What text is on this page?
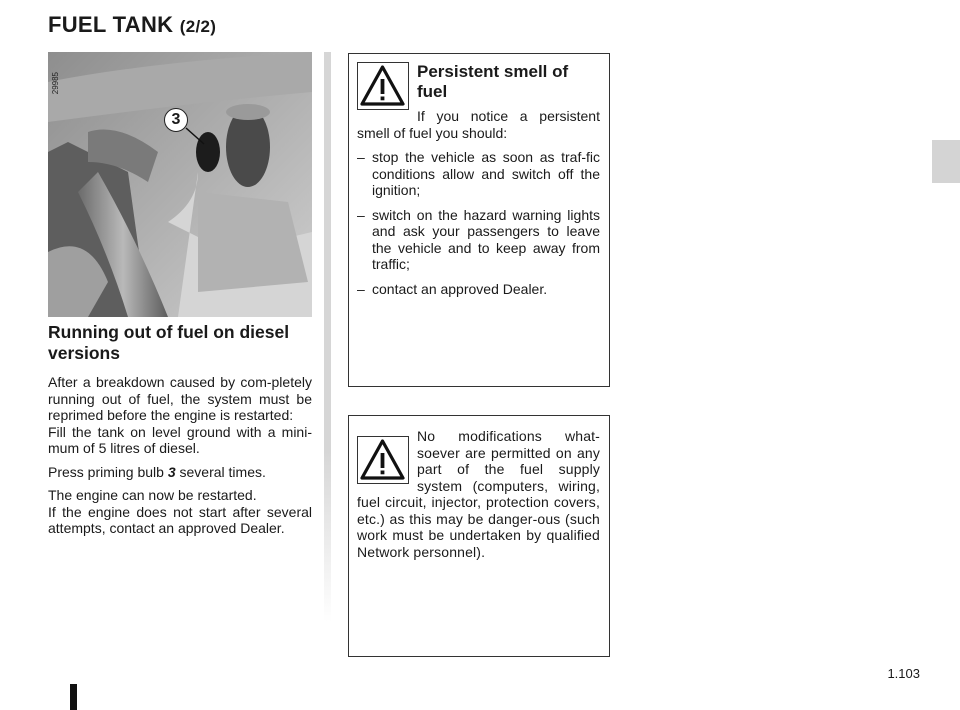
FUEL TANK (2/2)
29985
3
Running out of fuel on diesel versions

After a breakdown caused by com-pletely running out of fuel, the system must be reprimed before the engine is restarted:

Fill the tank on level ground with a mini-mum of 5 litres of diesel.

Press priming bulb 3 several times.

The engine can now be restarted.

If the engine does not start after several attempts, contact an approved Dealer.

Persistent smell of fuel

If you notice a persistent smell of fuel you should:

– stop the vehicle as soon as traf-fic conditions allow and switch off the ignition;
– switch on the hazard warning lights and ask your passengers to leave the vehicle and to keep away from traffic;
– contact an approved Dealer.

No modifications what-soever are permitted on any part of the fuel supply system (computers, wiring, fuel circuit, injector, protection covers, etc.) as this may be danger-ous (such work must be undertaken by qualified Network personnel).

1.103
